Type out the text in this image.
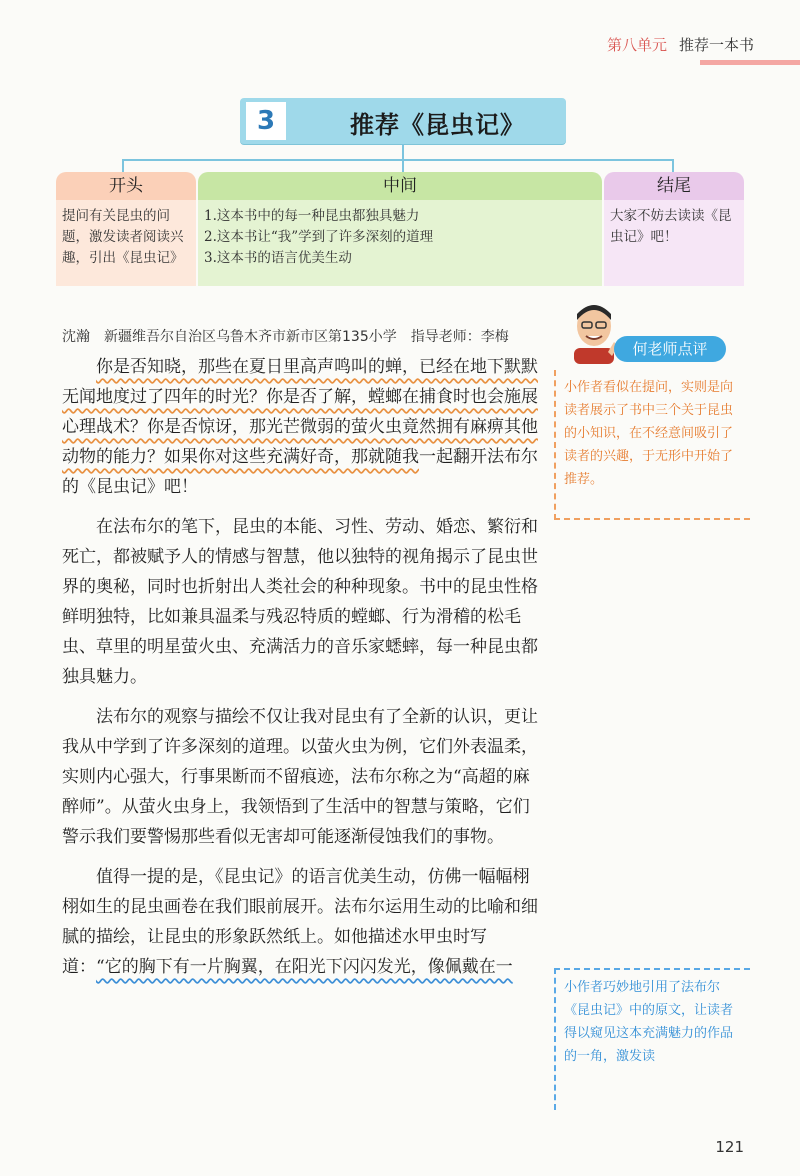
第八单元 推荐一本书
3	推荐《昆虫记》
开头
提问有关昆虫的问题，激发读者阅读兴趣，引出《昆虫记》
中间
1.这本书中的每一种昆虫都独具魅力
2.这本书让“我”学到了许多深刻的道理
3.这本书的语言优美生动
结尾
大家不妨去读读《昆虫记》吧！
沈瀚 新疆维吾尔自治区乌鲁木齐市新市区第135小学 指导老师：李梅

你是否知晓，那些在夏日里高声鸣叫的蝉，已经在地下默默无闻地度过了四年的时光？你是否了解，螳螂在捕食时也会施展心理战术？你是否惊讶，那光芒微弱的萤火虫竟然拥有麻痹其他动物的能力？如果你对这些充满好奇，那就随我一起翻开法布尔的《昆虫记》吧！

在法布尔的笔下，昆虫的本能、习性、劳动、婚恋、繁衍和死亡，都被赋予人的情感与智慧，他以独特的视角揭示了昆虫世界的奥秘，同时也折射出人类社会的种种现象。书中的昆虫性格鲜明独特，比如兼具温柔与残忍特质的螳螂、行为滑稽的松毛虫、草里的明星萤火虫、充满活力的音乐家蟋蟀，每一种昆虫都独具魅力。

法布尔的观察与描绘不仅让我对昆虫有了全新的认识，更让我从中学到了许多深刻的道理。以萤火虫为例，它们外表温柔，实则内心强大，行事果断而不留痕迹，法布尔称之为“高超的麻醉师”。从萤火虫身上，我领悟到了生活中的智慧与策略，它们警示我们要警惕那些看似无害却可能逐渐侵蚀我们的事物。

值得一提的是，《昆虫记》的语言优美生动，仿佛一幅幅栩栩如生的昆虫画卷在我们眼前展开。法布尔运用生动的比喻和细腻的描绘，让昆虫的形象跃然纸上。如他描述水甲虫时写道：“它的胸下有一片胸翼，在阳光下闪闪发光，像佩戴在一

何老师点评
小作者看似在提问，实则是向读者展示了书中三个关于昆虫的小知识，在不经意间吸引了读者的兴趣，于无形中开始了推荐。
小作者巧妙地引用了法布尔《昆虫记》中的原文，让读者得以窥见这本充满魅力的作品的一角，激发读
121
